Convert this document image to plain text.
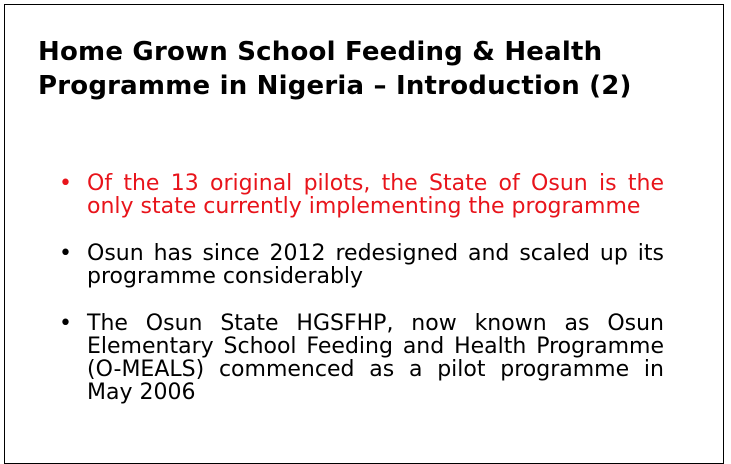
Home Grown School Feeding & Health
Programme in Nigeria – Introduction (2)
• Of the 13 original pilots, the State of Osun is the only state currently implementing the programme
• Osun has since 2012 redesigned and scaled up its programme considerably
• The Osun State HGSFHP, now known as Osun Elementary School Feeding and Health Programme (O-MEALS) commenced as a pilot programme in May 2006
